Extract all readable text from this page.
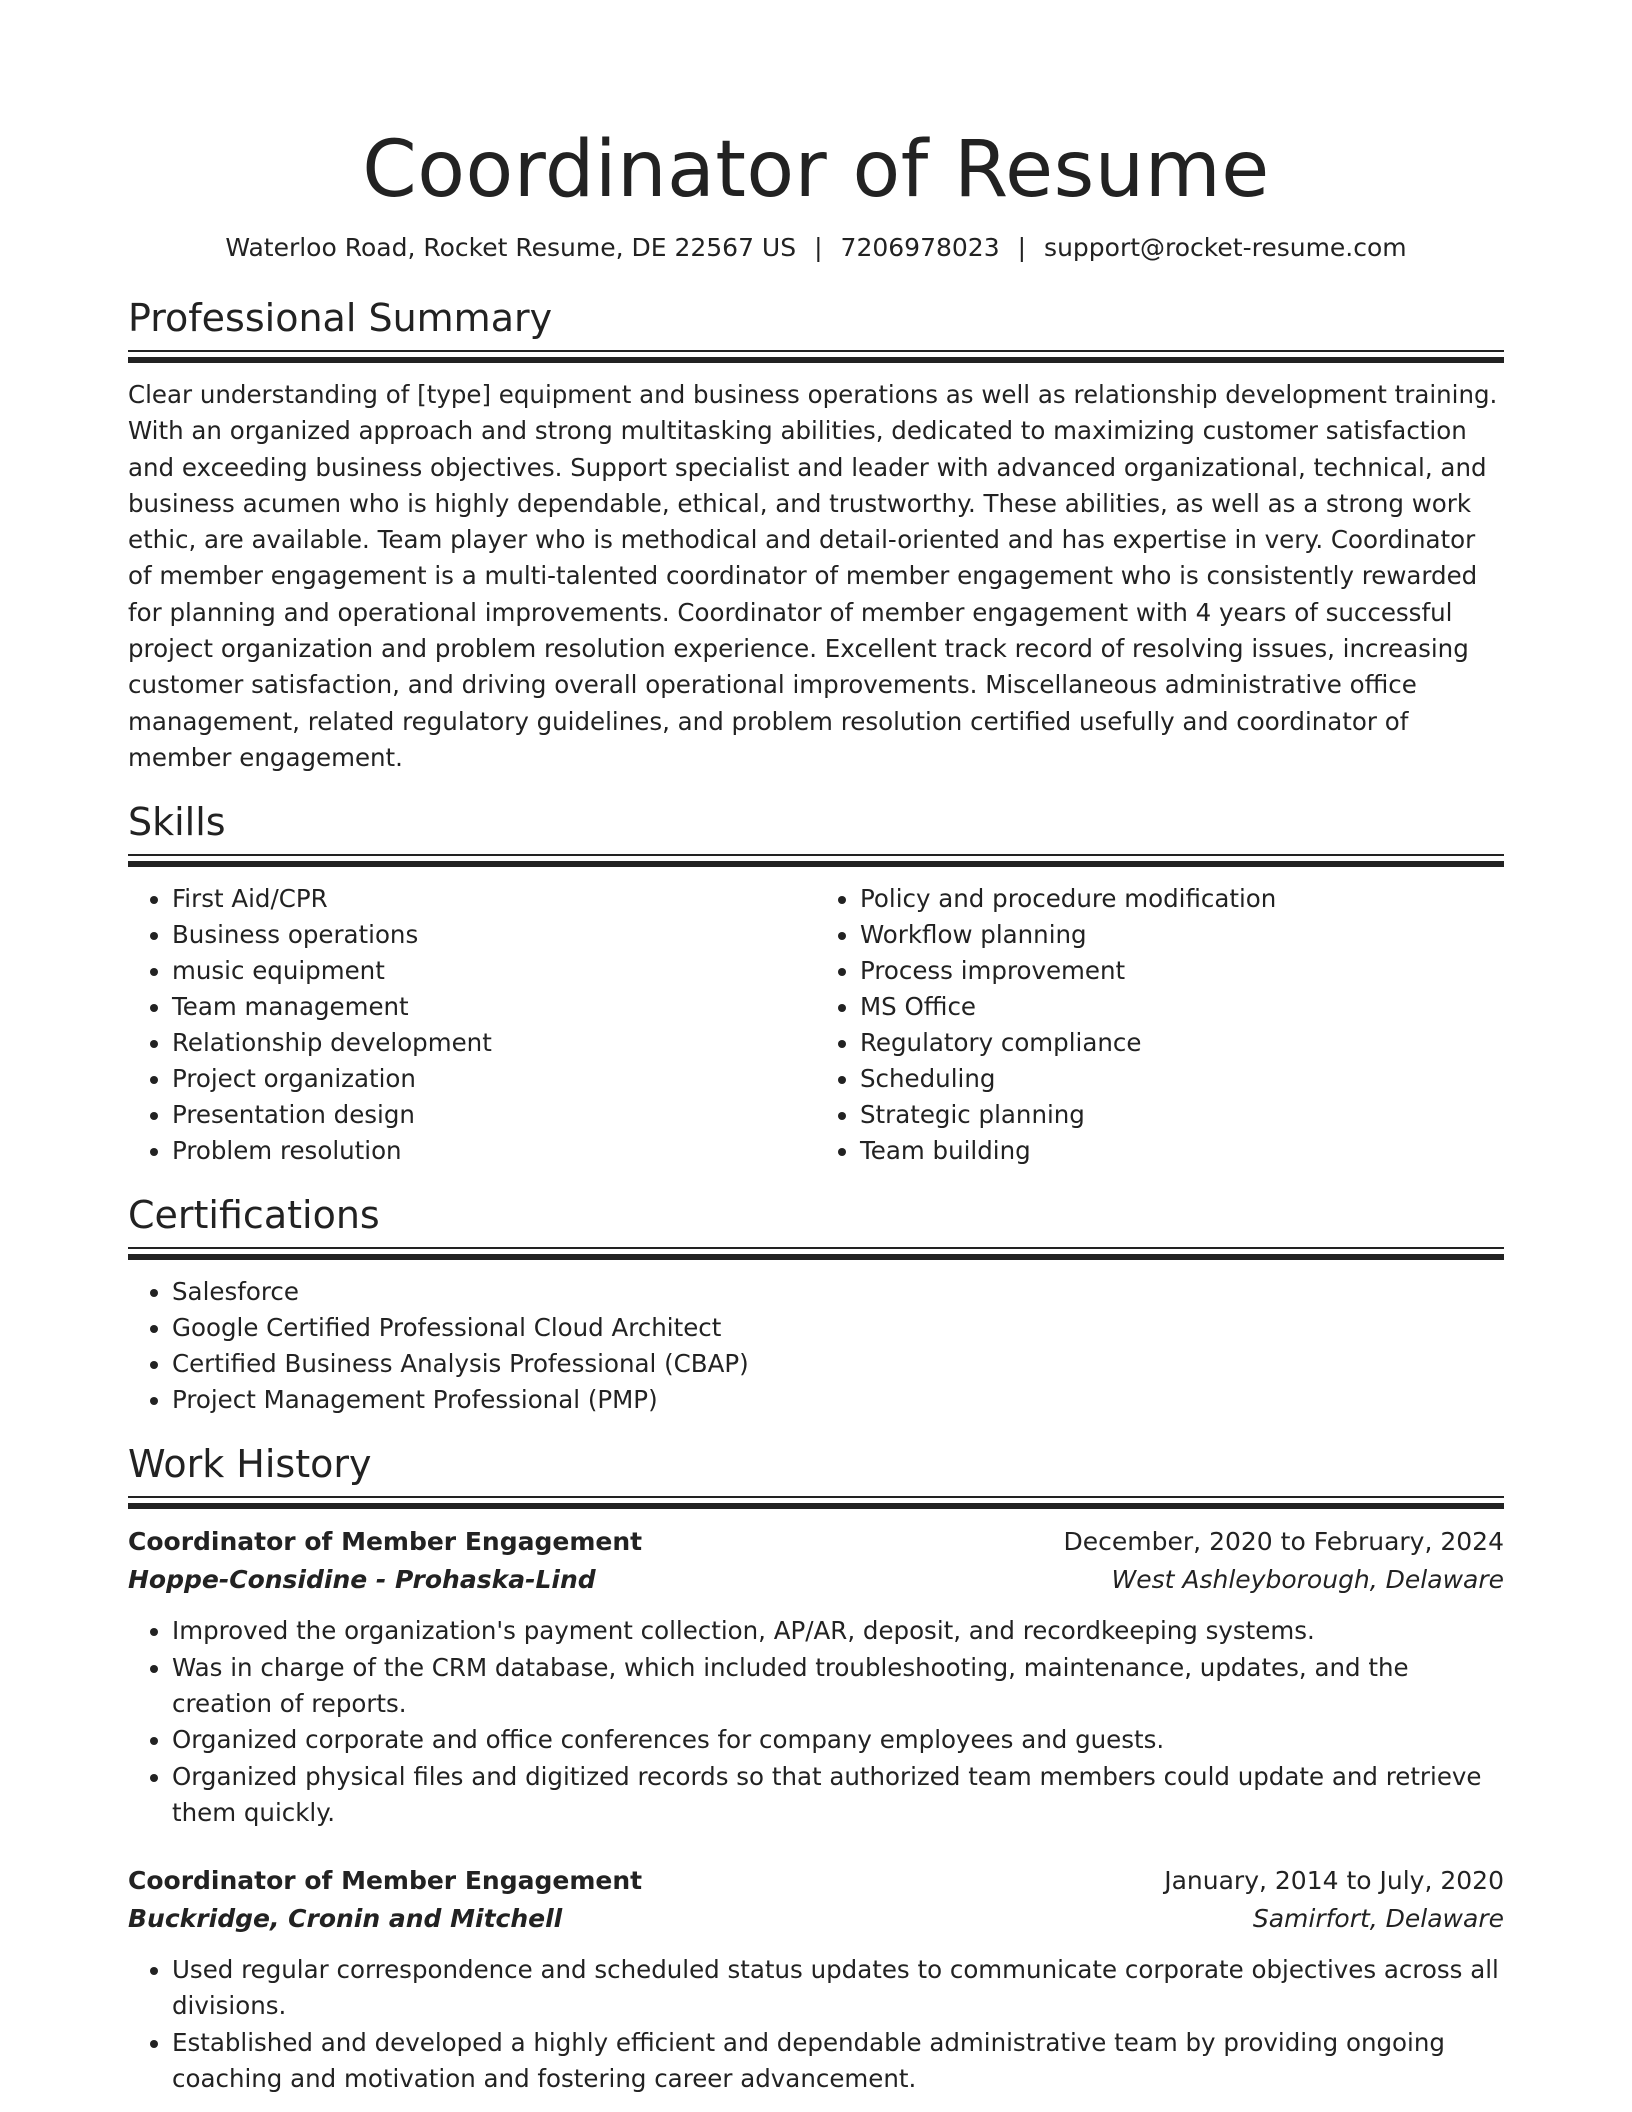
Coordinator of Resume
Waterloo Road, Rocket Resume, DE 22567 US | 7206978023 | support@rocket-resume.com
Professional Summary

Clear understanding of [type] equipment and business operations as well as relationship development training. With an organized approach and strong multitasking abilities, dedicated to maximizing customer satisfaction and exceeding business objectives. Support specialist and leader with advanced organizational, technical, and business acumen who is highly dependable, ethical, and trustworthy. These abilities, as well as a strong work ethic, are available. Team player who is methodical and detail-oriented and has expertise in very. Coordinator of member engagement is a multi-talented coordinator of member engagement who is consistently rewarded for planning and operational improvements. Coordinator of member engagement with 4 years of successful project organization and problem resolution experience. Excellent track record of resolving issues, increasing customer satisfaction, and driving overall operational improvements. Miscellaneous administrative office management, related regulatory guidelines, and problem resolution certified usefully and coordinator of member engagement.

Skills
• First Aid/CPR
• Business operations
• music equipment
• Team management
• Relationship development
• Project organization
• Presentation design
• Problem resolution
• Policy and procedure modification
• Workflow planning
• Process improvement
• MS Office
• Regulatory compliance
• Scheduling
• Strategic planning
• Team building
Certifications
• Salesforce
• Google Certified Professional Cloud Architect
• Certified Business Analysis Professional (CBAP)
• Project Management Professional (PMP)
Work History
Coordinator of Member Engagement	December, 2020 to February, 2024
Hoppe-Considine - Prohaska-Lind	West Ashleyborough, Delaware
• Improved the organization's payment collection, AP/AR, deposit, and recordkeeping systems.
• Was in charge of the CRM database, which included troubleshooting, maintenance, updates, and the creation of reports.
• Organized corporate and office conferences for company employees and guests.
• Organized physical files and digitized records so that authorized team members could update and retrieve them quickly.
Coordinator of Member Engagement	January, 2014 to July, 2020
Buckridge, Cronin and Mitchell	Samirfort, Delaware
• Used regular correspondence and scheduled status updates to communicate corporate objectives across all divisions.
• Established and developed a highly efficient and dependable administrative team by providing ongoing coaching and motivation and fostering career advancement.
